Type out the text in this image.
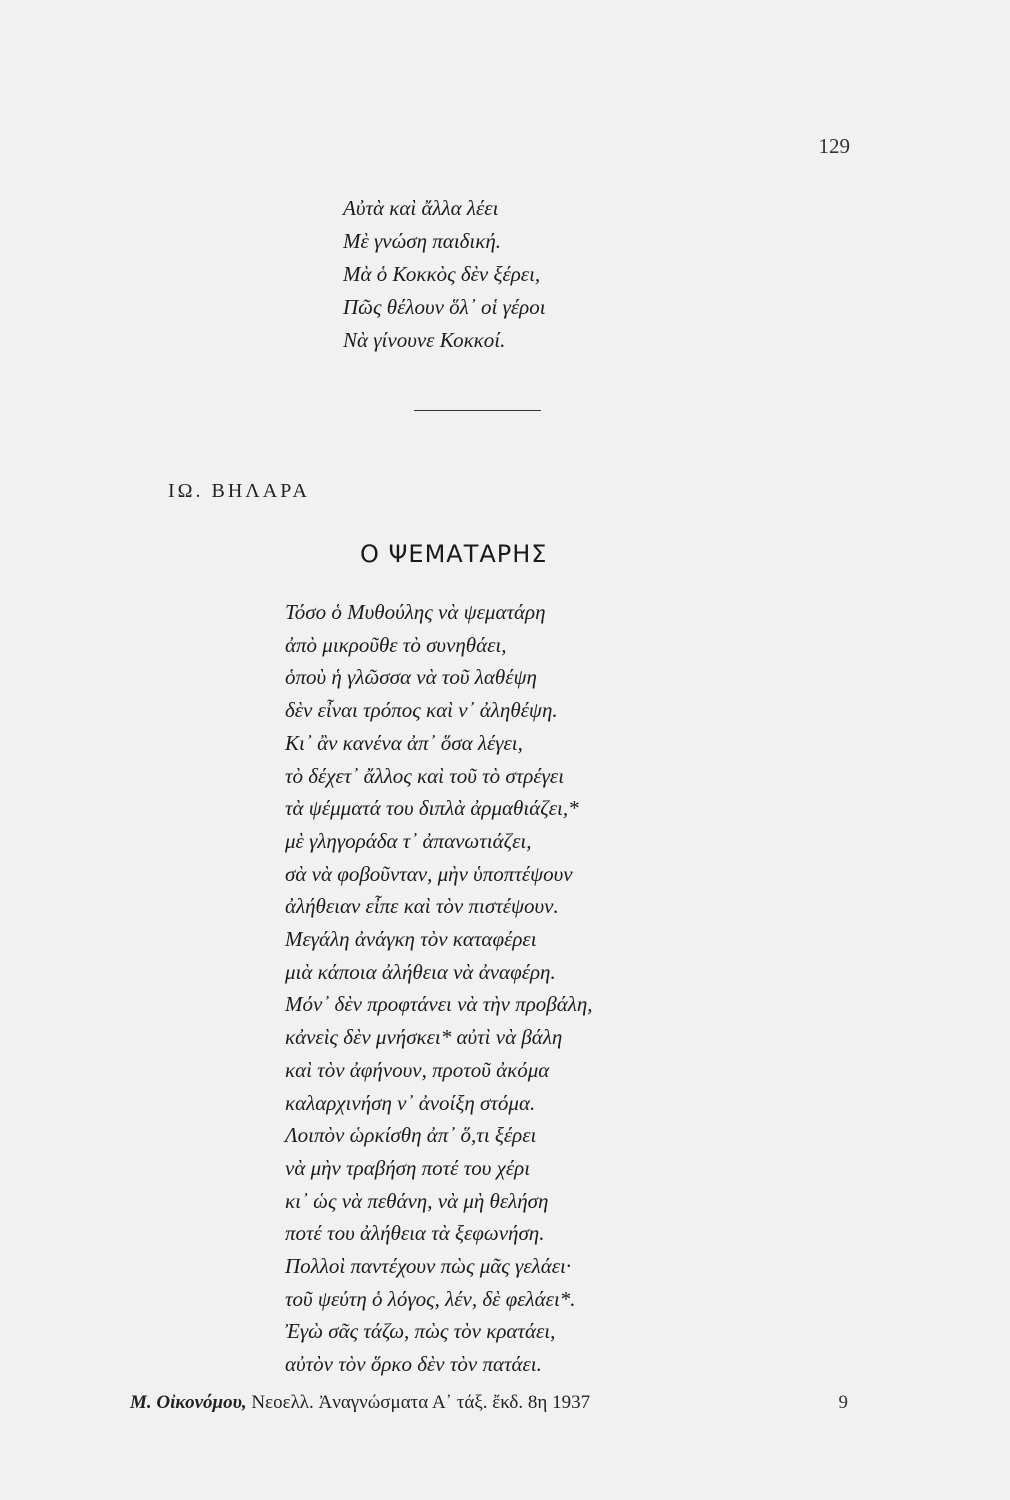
129
Αὐτὰ καὶ ἄλλα λέει
Μὲ γνώση παιδική.
Μὰ ὁ Κοκκὸς δὲν ξέρει,
Πῶς θέλουν ὅλ᾽ οἱ γέροι
Νὰ γίνουνε Κοκκοί.
ΙΩ. ΒΗΛΑΡΑ
Ο ΨΕΜΑΤΑΡΗΣ
Τόσο ὁ Μυθούλης νὰ ψεματάρη
ἀπὸ μικροῦθε τὸ συνηθάει,
ὁποὺ ἡ γλῶσσα νὰ τοῦ λαθέψη
δὲν εἶναι τρόπος καὶ ν᾽ ἀληθέψη.
Κι᾽ ἂν κανένα ἀπ᾽ ὅσα λέγει,
τὸ δέχετ᾽ ἄλλος καὶ τοῦ τὸ στρέγει
τὰ ψέμματά του διπλὰ ἀρμαθιάζει,*
μὲ γληγοράδα τ᾽ ἀπανωτιάζει,
σὰ νὰ φοβοῦνταν, μὴν ὑποπτέψουν
ἀλήθειαν εἶπε καὶ τὸν πιστέψουν.
Μεγάλη ἀνάγκη τὸν καταφέρει
μιὰ κάποια ἀλήθεια νὰ ἀναφέρη.
Μόν᾽ δὲν προφτάνει νὰ τὴν προβάλη,
κἀνεὶς δὲν μνήσκει* αὐτὶ νὰ βάλη
καὶ τὸν ἀφήνουν, προτοῦ ἀκόμα
καλαρχινήση ν᾽ ἀνοίξη στόμα.
Λοιπὸν ὡρκίσθη ἀπ᾽ ὅ,τι ξέρει
νὰ μὴν τραβήση ποτέ του χέρι
κι᾽ ὡς νὰ πεθάνη, νὰ μὴ θελήση
ποτέ του ἀλήθεια τὰ ξεφωνήση.
Πολλοὶ παντέχουν πὼς μᾶς γελάει·
τοῦ ψεύτη ὁ λόγος, λέν, δὲ φελάει*.
Ἐγὼ σᾶς τάζω, πὼς τὸν κρατάει,
αὐτὸν τὸν ὅρκο δὲν τὸν πατάει.
Μ. Οἰκονόμου, Νεοελλ. Ἀναγνώσματα Α᾽ τάξ. ἔκδ. 8η 1937	9
